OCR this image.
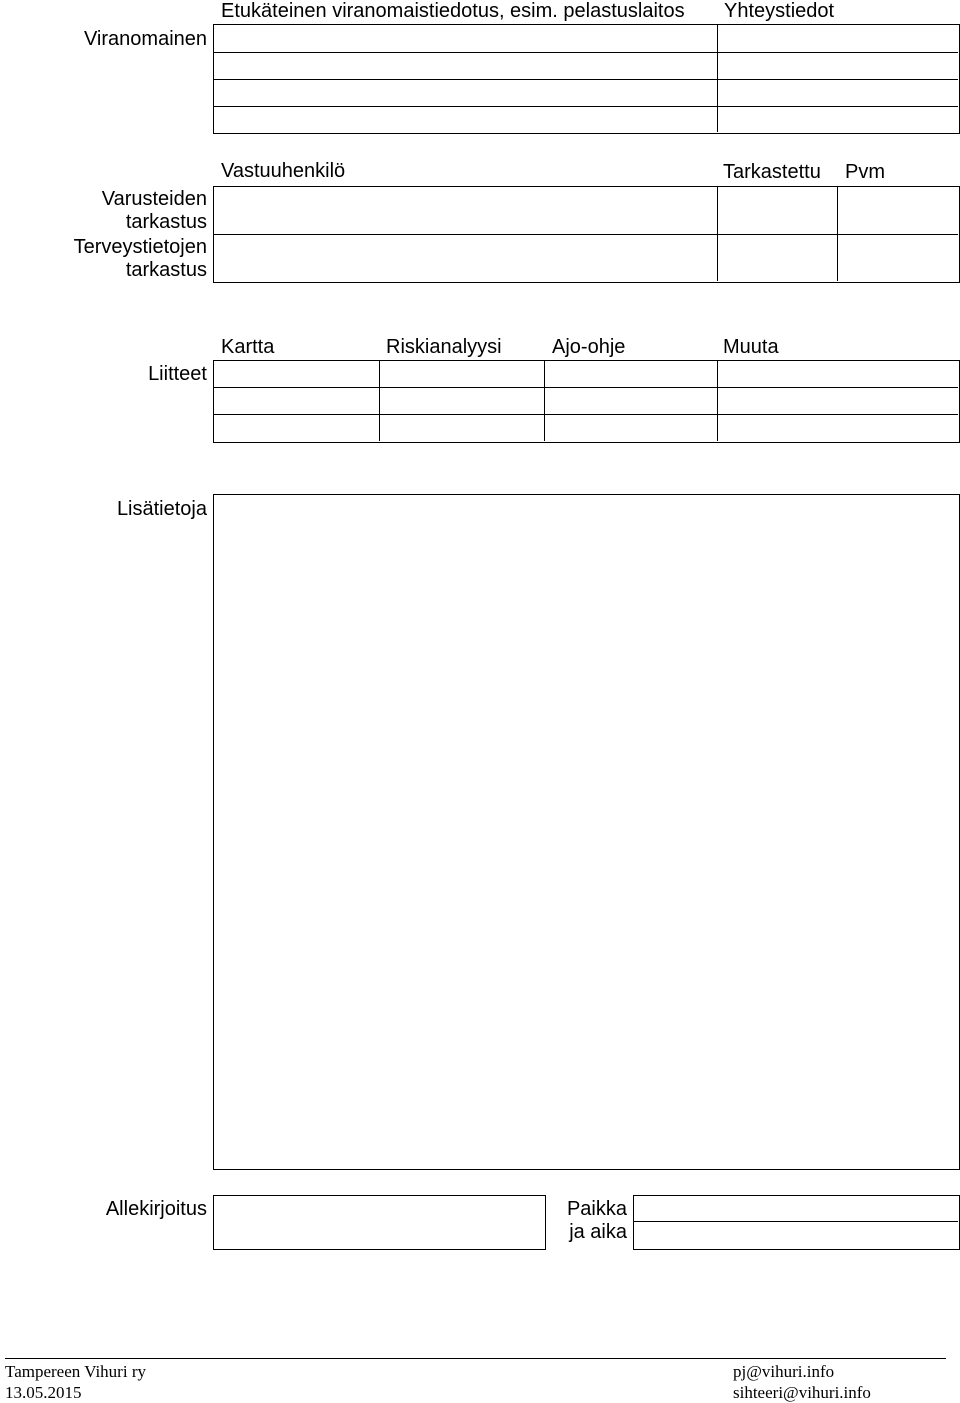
Etukäteinen viranomaistiedotus, esim. pelastuslaitos Yhteystiedot
Viranomainen
Vastuuhenkilö	Tarkastettu Pvm
Varusteiden
tarkastus
Terveystietojen
tarkastus
Kartta	Riskianalyysi	Ajo-ohje	Muuta
Liitteet
Lisätietoja
Allekirjoitus	Paikka
ja aika
Tampereen Vihuri ry
13.05.2015
pj@vihuri.info
sihteeri@vihuri.info
